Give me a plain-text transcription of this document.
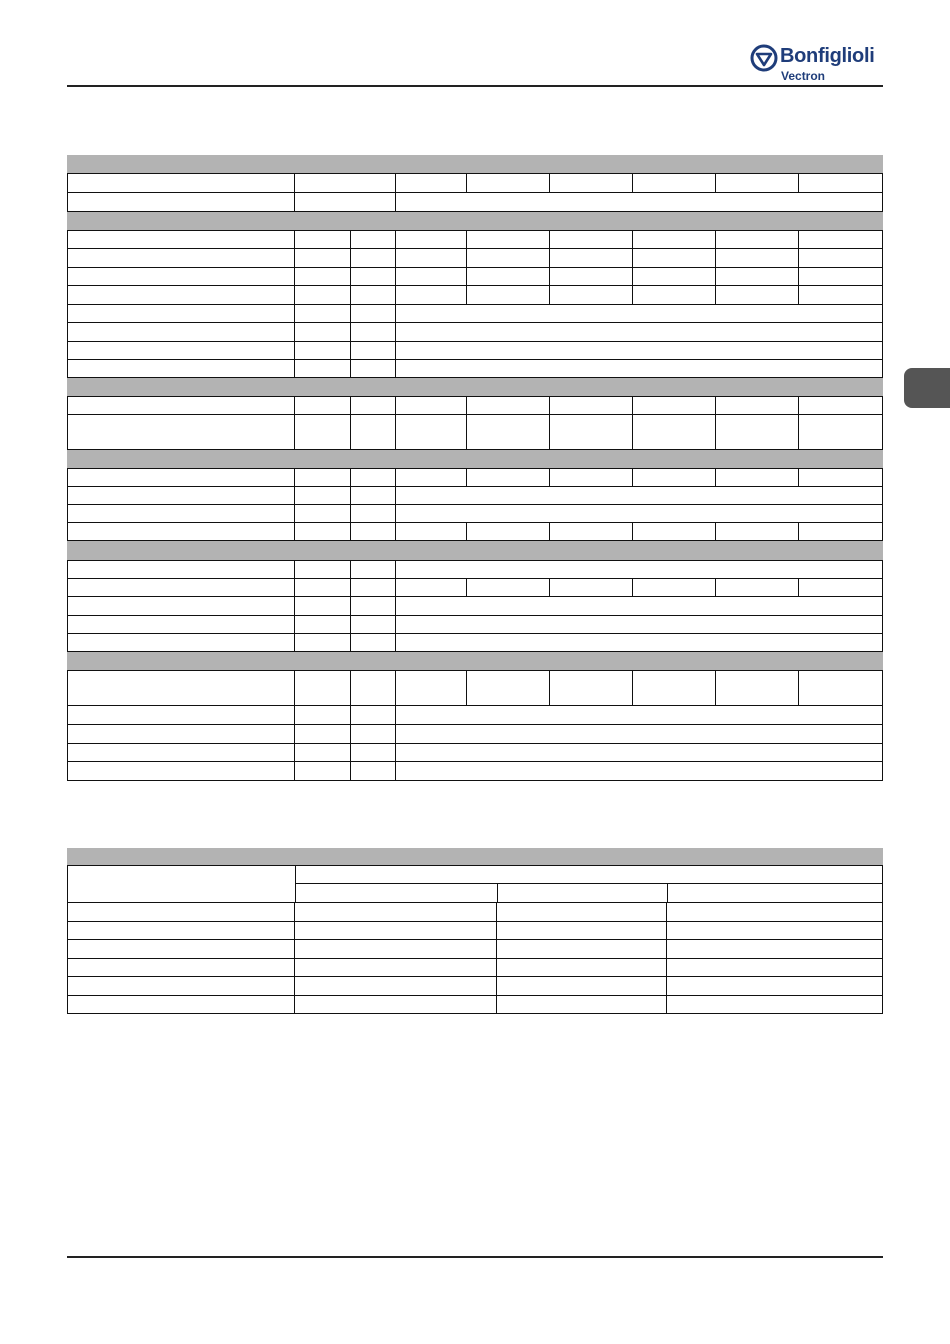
Bonfiglioli
Vectron
